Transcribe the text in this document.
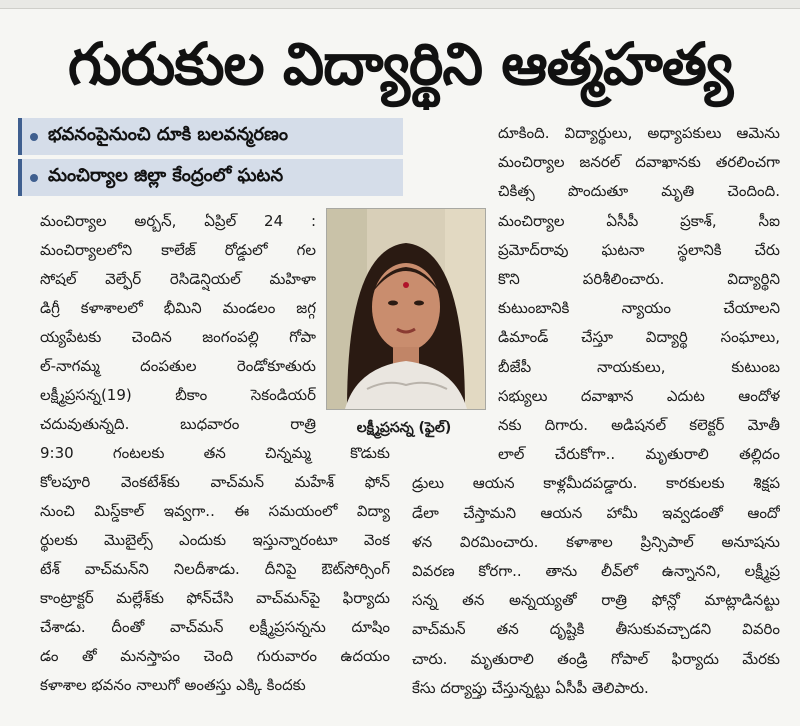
గురుకుల విద్యార్థిని ఆత్మహత్య
భవనంపైనుంచి దూకి బలవన్మరణం
మంచిర్యాల జిల్లా కేంద్రంలో ఘటన
లక్ష్మీప్రసన్న (ఫైల్)
మంచిర్యాల అర్బన్, ఏప్రిల్ 24 :
మంచిర్యాలలోని కాలేజ్ రోడ్డులో గల
సోషల్ వెల్ఫేర్ రెసిడెన్షియల్ మహిళా
డిగ్రీ కళాశాలలో భీమిని మండలం జగ్గ
య్యపేటకు చెందిన జంగంపల్లి గోపా
ల్-నాగమ్మ దంపతుల రెండోకూతురు
లక్ష్మీప్రసన్న(19) బీకాం సెకండియర్
చదువుతున్నది. బుధవారం రాత్రి
9:30 గంటలకు తన చిన్నమ్మ కొడుకు
కోలపూరి వెంకటేశ్‌కు వాచ్‌మన్ మహేశ్ ఫోన్
నుంచి మిస్డ్‌కాల్ ఇవ్వగా.. ఈ సమయంలో విద్యా
ర్థులకు మొబైల్స్ ఎందుకు ఇస్తున్నారంటూ వెంక
టేశ్ వాచ్‌మన్‌ని నిలదీశాడు. దీనిపై ఔట్‌సోర్సింగ్
కాంట్రాక్టర్ మల్లేశ్‌కు ఫోన్‌చేసి వాచ్‌మన్‌పై ఫిర్యాదు
చేశాడు. దీంతో వాచ్‌మన్ లక్ష్మీప్రసన్నను దూషిం
డం తో మనస్తాపం చెంది గురువారం ఉదయం
కళాశాల భవనం నాలుగో అంతస్తు ఎక్కి కిందకు
దూకింది. విద్యార్థులు, అధ్యాపకులు ఆమెను
మంచిర్యాల జనరల్ దవాఖానకు తరలించగా
చికిత్స పొందుతూ మృతి చెందింది.
మంచిర్యాల ఏసీపీ ప్రకాశ్, సీఐ
ప్రమోద్‌రావు ఘటనా స్థలానికి చేరు
కొని పరిశీలించారు. విద్యార్థిని
కుటుంబానికి న్యాయం చేయాలని
డిమాండ్ చేస్తూ విద్యార్థి సంఘాలు,
బీజేపీ నాయకులు, కుటుంబ
సభ్యులు దవాఖాన ఎదుట ఆందోళ
నకు దిగారు. అడిషనల్ కలెక్టర్ మోతీ
లాల్ చేరుకోగా.. మృతురాలి తల్లిదం
డ్రులు ఆయన కాళ్లమీదపడ్డారు. కారకులకు శిక్షప
డేలా చేస్తామని ఆయన హామీ ఇవ్వడంతో ఆందో
ళన విరమించారు. కళాశాల ప్రిన్సిపాల్ అనూషను
వివరణ కోరగా.. తాను లీవ్‌లో ఉన్నానని, లక్ష్మీప్ర
సన్న తన అన్నయ్యతో రాత్రి ఫోన్లో మాట్లాడినట్టు
వాచ్‌మన్ తన దృష్టికి తీసుకువచ్చాడని వివరిం
చారు. మృతురాలి తండ్రి గోపాల్ ఫిర్యాదు మేరకు
కేసు దర్యాప్తు చేస్తున్నట్టు ఏసీపీ తెలిపారు.
